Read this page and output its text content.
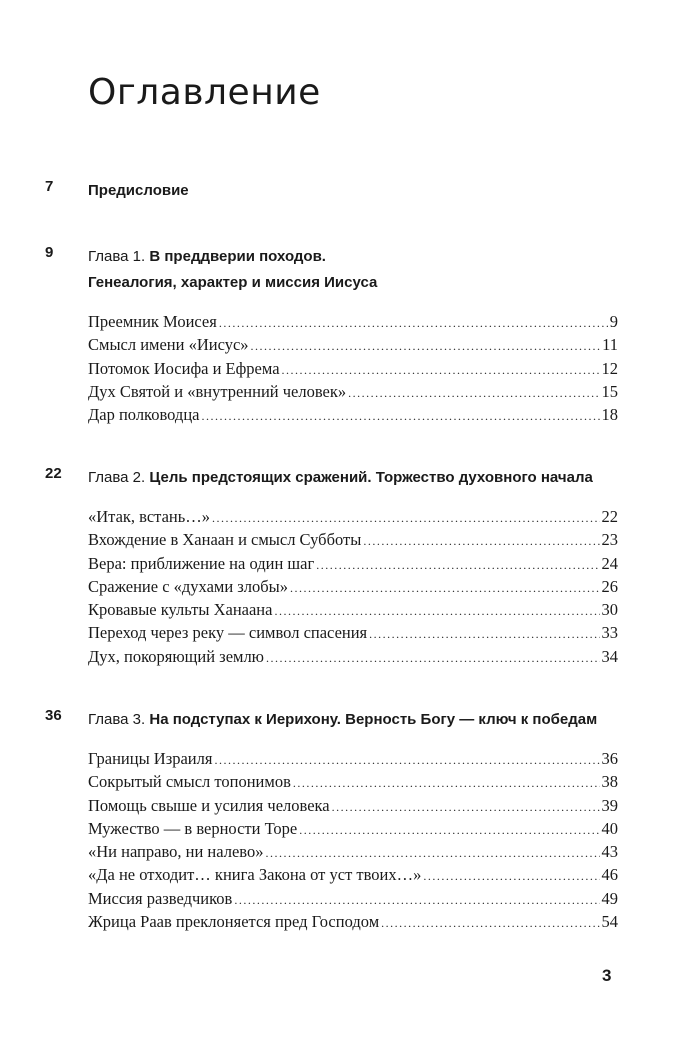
Оглавление
7 Предисловие
9 Глава 1. В преддверии походов.
Генеалогия, характер и миссия Иисуса
Преемник Моисея .....	9
Смысл имени «Иисус» .....	11
Потомок Иосифа и Ефрема .....	12
Дух Святой и «внутренний человек» .....	15
Дар полководца .....	18
22 Глава 2. Цель предстоящих сражений. Торжество духовного начала
«Итак, встань…» .....	22
Вхождение в Ханаан и смысл Субботы .....	23
Вера: приближение на один шаг .....	24
Сражение с «духами злобы» .....	26
Кровавые культы Ханаана .....	30
Переход через реку — символ спасения .....	33
Дух, покоряющий землю .....	34
36 Глава 3. На подступах к Иерихону. Верность Богу — ключ к победам
Границы Израиля .....	36
Сокрытый смысл топонимов .....	38
Помощь свыше и усилия человека .....	39
Мужество — в верности Торе .....	40
«Ни направо, ни налево» .....	43
«Да не отходит… книга Закона от уст твоих…» .....	46
Миссия разведчиков .....	49
Жрица Раав преклоняется пред Господом .....	54
3
